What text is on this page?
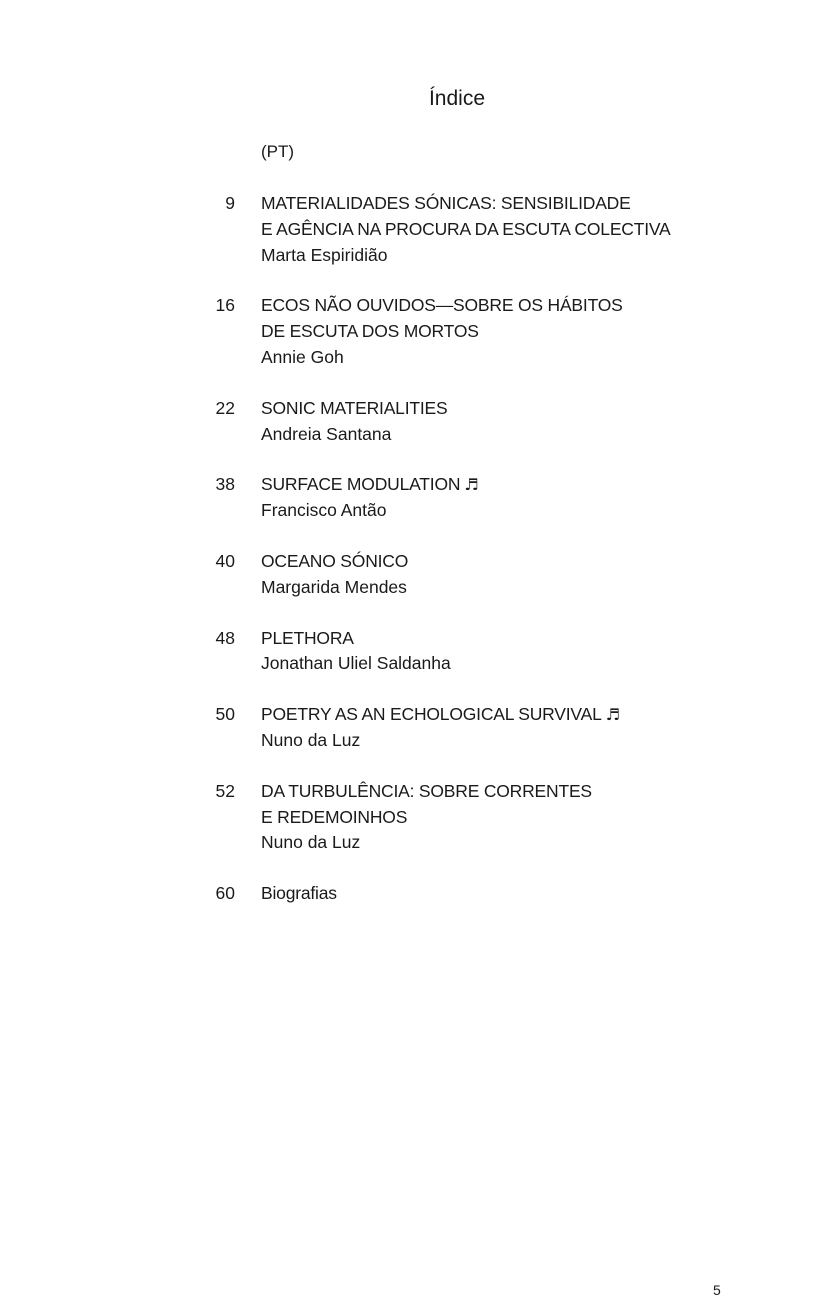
Índice
(PT)
9 MATERIALIDADES SÓNICAS: SENSIBILIDADE
E AGÊNCIA NA PROCURA DA ESCUTA COLECTIVA
Marta Espiridião
16 ECOS NÃO OUVIDOS—SOBRE OS HÁBITOS
DE ESCUTA DOS MORTOS
Annie Goh
22 SONIC MATERIALITIES
Andreia Santana
38 SURFACE MODULATION ♬
Francisco Antão
40 OCEANO SÓNICO
Margarida Mendes
48 PLETHORA
Jonathan Uliel Saldanha
50 POETRY AS AN ECHOLOGICAL SURVIVAL ♬
Nuno da Luz
52 DA TURBULÊNCIA: SOBRE CORRENTES
E REDEMOINHOS
Nuno da Luz
60 Biografias
5
